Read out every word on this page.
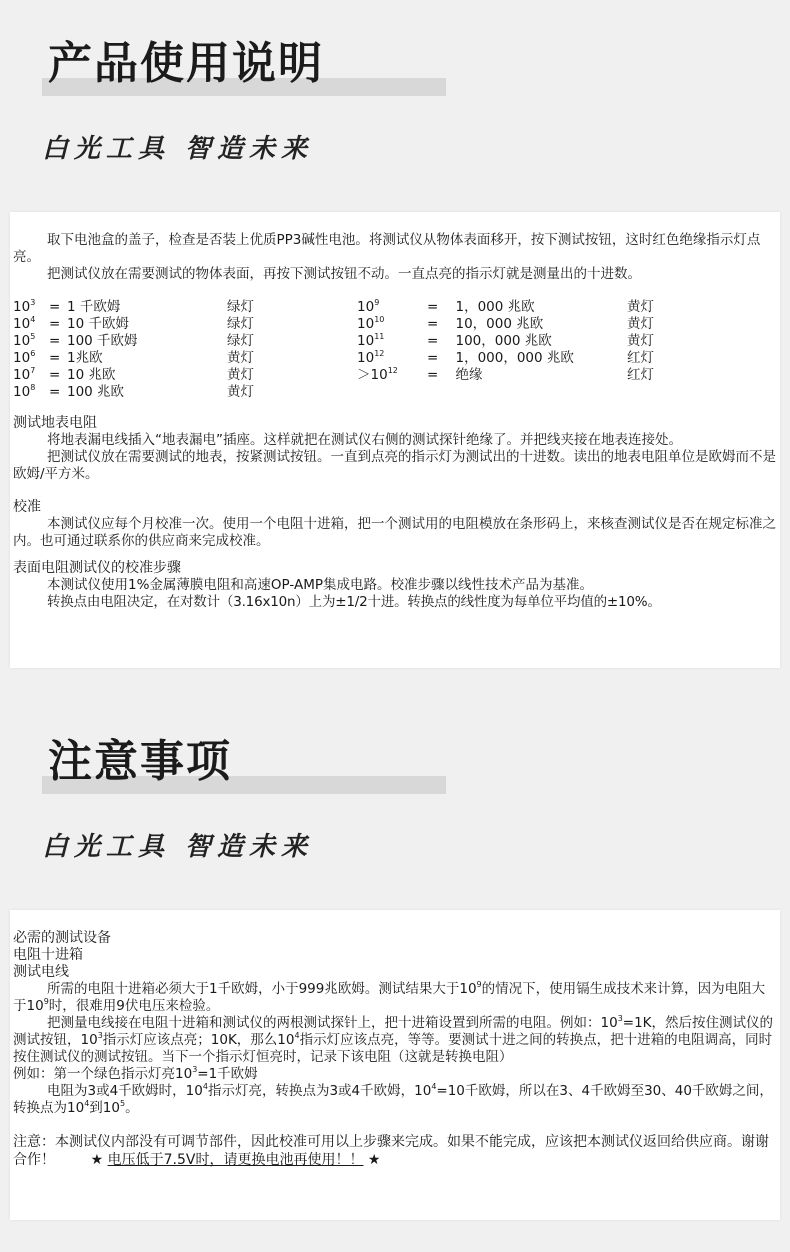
产品使用说明
白光工具 智造未来

取下电池盒的盖子，检查是否装上优质PP3碱性电池。将测试仪从物体表面移开，按下测试按钮，这时红色绝缘指示灯点亮。

把测试仪放在需要测试的物体表面，再按下测试按钮不动。一直点亮的指示灯就是测量出的十进数。

$10^3$	=	1 千欧姆	绿灯	$10^9$	=    1，000 兆欧	黄灯
$10^4$	=	10 千欧姆	绿灯	$10^{10}$	=    10，000 兆欧	黄灯
$10^5$	=	100 千欧姆	绿灯	$10^{11}$	=    100，000 兆欧	黄灯
$10^6$	=	1兆欧	黄灯	$10^{12}$	=    1，000，000 兆欧	红灯
$10^7$	=	10 兆欧	黄灯	$>10^{12}$	=    绝缘	红灯
$10^8$	=	100 兆欧	黄灯			

测试地表电阻

将地表漏电线插入“地表漏电”插座。这样就把在测试仪右侧的测试探针绝缘了。并把线夹接在地表连接处。

把测试仪放在需要测试的地表，按紧测试按钮。一直到点亮的指示灯为测试出的十进数。读出的地表电阻单位是欧姆而不是欧姆/平方米。

校准

本测试仪应每个月校准一次。使用一个电阻十进箱，把一个测试用的电阻模放在条形码上，来核查测试仪是否在规定标准之内。也可通过联系你的供应商来完成校准。

表面电阻测试仪的校准步骤

本测试仪使用1%金属薄膜电阻和高速OP-AMP集成电路。校准步骤以线性技术产品为基准。

转换点由电阻决定，在对数计（3.16x10n）上为±1/2十进。转换点的线性度为每单位平均值的±10%。

注意事项
白光工具 智造未来

必需的测试设备

电阻十进箱

测试电线

所需的电阻十进箱必须大于1千欧姆，小于999兆欧姆。测试结果大于$10^9$的情况下，使用镉生成技术来计算，因为电阻大于$10^9$时，很难用9伏电压来检验。

把测量电线接在电阻十进箱和测试仪的两根测试探针上，把十进箱设置到所需的电阻。例如：$10^3=1K$，然后按住测试仪的测试按钮，$10^3$指示灯应该点亮；10K，那么$10^4$指示灯应该点亮，等等。要测试十进之间的转换点，把十进箱的电阻调高，同时按住测试仪的测试按钮。当下一个指示灯恒亮时，记录下该电阻（这就是转换电阻）

例如：第一个绿色指示灯亮$10^3=1$千欧姆

电阻为3或4千欧姆时，$10^4$指示灯亮，转换点为3或4千欧姆，$10^4=10$千欧姆，所以在3、4千欧姆至30、40千欧姆之间，转换点为$10^4$到$10^5$。

注意：本测试仪内部没有可调节部件，因此校准可用以上步骤来完成。如果不能完成，应该把本测试仪返回给供应商。谢谢合作！	★ 电压低于7.5V时，请更换电池再使用！！ ★
